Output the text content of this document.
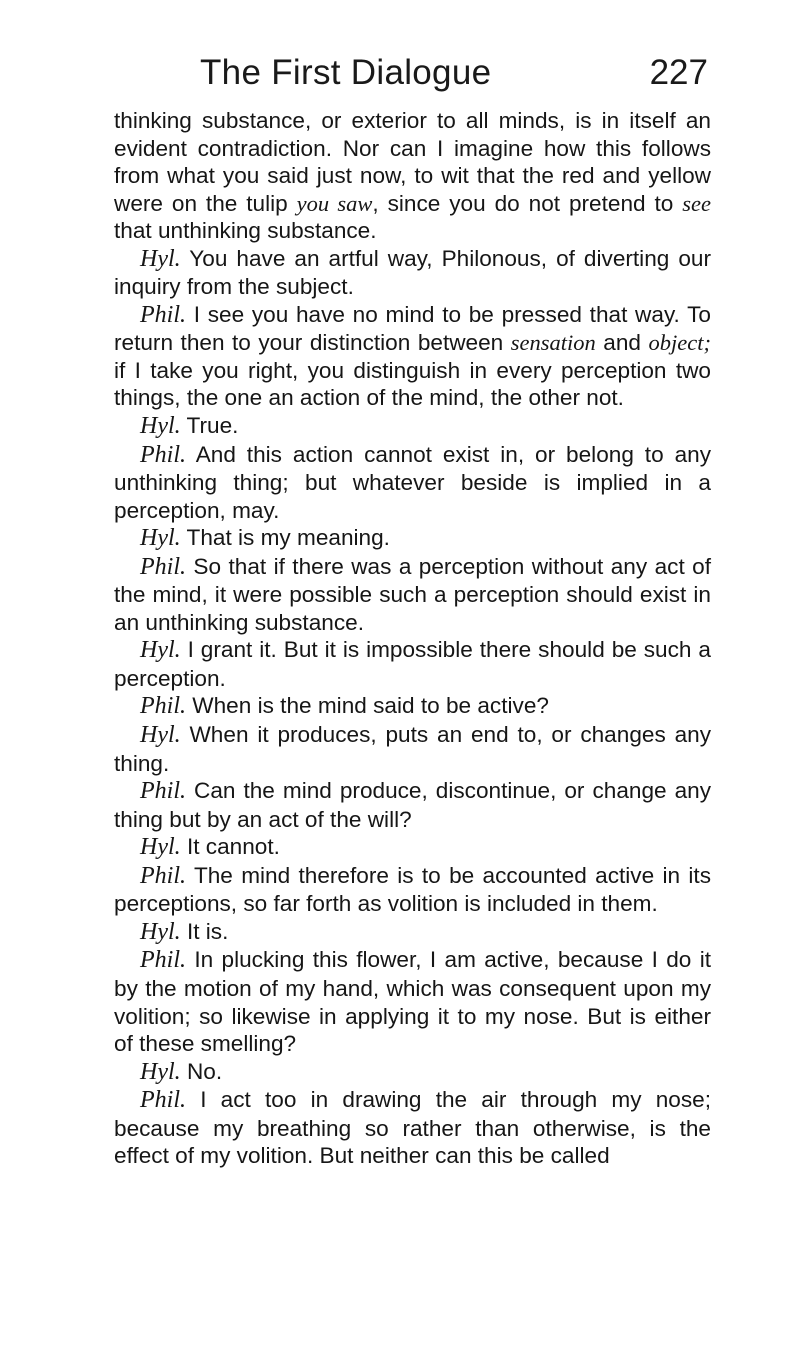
The First Dialogue	227

thinking substance, or exterior to all minds, is in itself an evident contradiction. Nor can I imagine how this follows from what you said just now, to wit that the red and yellow were on the tulip you saw, since you do not pretend to see that unthinking substance.

Hyl. You have an artful way, Philonous, of diverting our inquiry from the subject.

Phil. I see you have no mind to be pressed that way. To return then to your distinction between sensation and object; if I take you right, you distinguish in every perception two things, the one an action of the mind, the other not.

Hyl. True.

Phil. And this action cannot exist in, or belong to any unthinking thing; but whatever beside is implied in a perception, may.

Hyl. That is my meaning.

Phil. So that if there was a perception without any act of the mind, it were possible such a perception should exist in an unthinking substance.

Hyl. I grant it. But it is impossible there should be such a perception.

Phil. When is the mind said to be active?

Hyl. When it produces, puts an end to, or changes any thing.

Phil. Can the mind produce, discontinue, or change any thing but by an act of the will?

Hyl. It cannot.

Phil. The mind therefore is to be accounted active in its perceptions, so far forth as volition is included in them.

Hyl. It is.

Phil. In plucking this flower, I am active, because I do it by the motion of my hand, which was consequent upon my volition; so likewise in applying it to my nose. But is either of these smelling?

Hyl. No.

Phil. I act too in drawing the air through my nose; because my breathing so rather than otherwise, is the effect of my volition. But neither can this be called
